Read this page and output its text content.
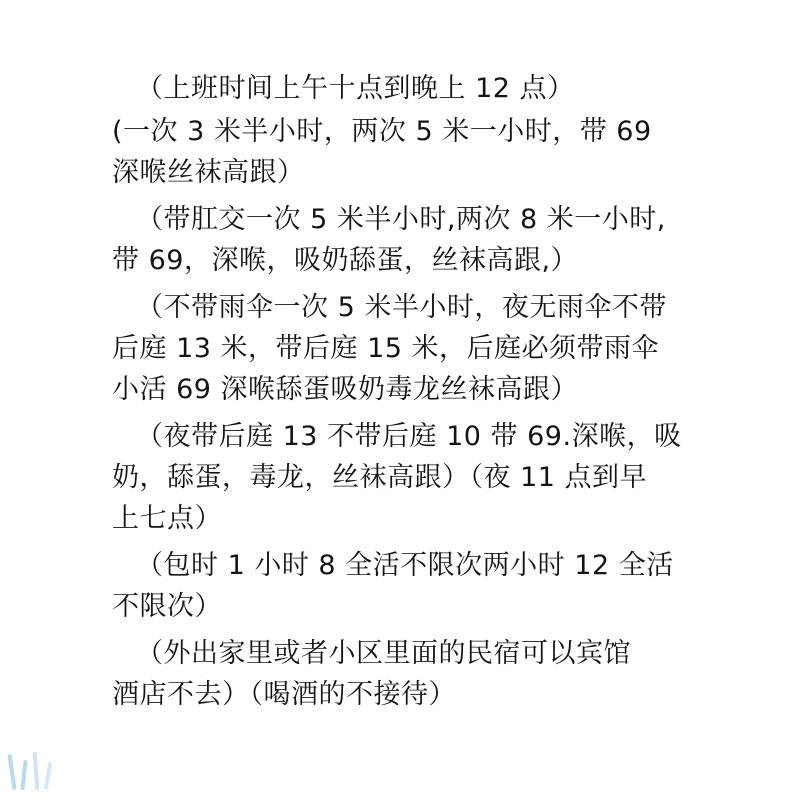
（上班时间上午十点到晚上 12 点）
(一次 3 米半小时，两次 5 米一小时，带 69
深喉丝袜高跟）
（带肛交一次 5 米半小时,两次 8 米一小时,
带 69，深喉，吸奶舔蛋，丝袜高跟,）
（不带雨伞一次 5 米半小时，夜无雨伞不带
后庭 13 米，带后庭 15 米，后庭必须带雨伞
小活 69 深喉舔蛋吸奶毒龙丝袜高跟）
（夜带后庭 13 不带后庭 10 带 69.深喉，吸
奶，舔蛋，毒龙，丝袜高跟）（夜 11 点到早
上七点）
（包时 1 小时 8 全活不限次两小时 12 全活
不限次）
（外出家里或者小区里面的民宿可以宾馆
酒店不去）（喝酒的不接待）
